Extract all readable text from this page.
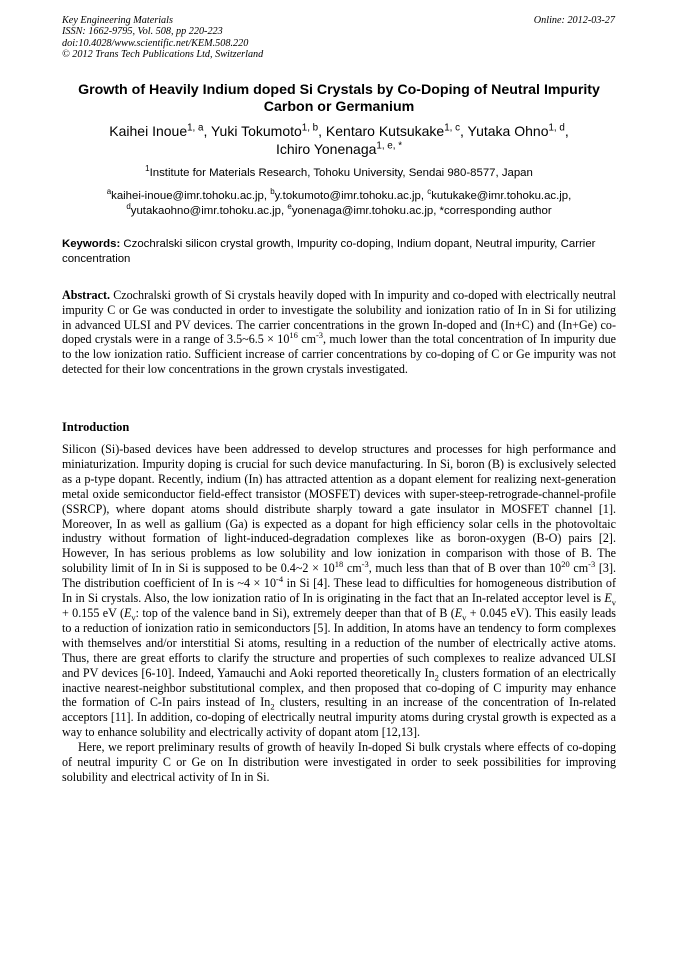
Key Engineering Materials
ISSN: 1662-9795, Vol. 508, pp 220-223
doi:10.4028/www.scientific.net/KEM.508.220
© 2012 Trans Tech Publications Ltd, Switzerland
Online: 2012-03-27
Growth of Heavily Indium doped Si Crystals by Co-Doping of Neutral Impurity Carbon or Germanium
Kaihei Inoue$^{1, a}$, Yuki Tokumoto$^{1, b}$, Kentaro Kutsukake$^{1, c}$, Yutaka Ohno$^{1, d}$,
Ichiro Yonenaga$^{1, e, *}$
$^1$Institute for Materials Research, Tohoku University, Sendai 980-8577, Japan
$^a$kaihei-inoue@imr.tohoku.ac.jp, $^b$y.tokumoto@imr.tohoku.ac.jp, $^c$kutukake@imr.tohoku.ac.jp,
$^d$yutakaohno@imr.tohoku.ac.jp, $^e$yonenaga@imr.tohoku.ac.jp, *corresponding author
Keywords: Czochralski silicon crystal growth, Impurity co-doping, Indium dopant, Neutral impurity, Carrier concentration
Abstract. Czochralski growth of Si crystals heavily doped with In impurity and co-doped with electrically neutral impurity C or Ge was conducted in order to investigate the solubility and ionization ratio of In in Si for utilizing in advanced ULSI and PV devices. The carrier concentrations in the grown In-doped and (In+C) and (In+Ge) co-doped crystals were in a range of 3.5~6.5 × $10^{16}$ $cm^{-3}$, much lower than the total concentration of In impurity due to the low ionization ratio. Sufficient increase of carrier concentrations by co-doping of C or Ge impurity was not detected for their low concentrations in the grown crystals investigated.
Introduction

Silicon (Si)-based devices have been addressed to develop structures and processes for high performance and miniaturization. Impurity doping is crucial for such device manufacturing. In Si, boron (B) is exclusively selected as a p-type dopant. Recently, indium (In) has attracted attention as a dopant element for realizing next-generation metal oxide semiconductor field-effect transistor (MOSFET) devices with super-steep-retrograde-channel-profile (SSRCP), where dopant atoms should distribute sharply toward a gate insulator in MOSFET channel [1]. Moreover, In as well as gallium (Ga) is expected as a dopant for high efficiency solar cells in the photovoltaic industry without formation of light-induced-degradation complexes like as boron-oxygen (B-O) pairs [2]. However, In has serious problems as low solubility and low ionization in comparison with those of B. The solubility limit of In in Si is supposed to be 0.4~2 × $10^{18}$ $cm^{-3}$, much less than that of B over than $10^{20}$ $cm^{-3}$ [3]. The distribution coefficient of In is ~4 × $10^{-4}$ in Si [4]. These lead to difficulties for homogeneous distribution of In in Si crystals. Also, the low ionization ratio of In is originating in the fact that an In-related acceptor level is $E_v + 0.155$ eV ($E_v$: top of the valence band in Si), extremely deeper than that of B ($E_v + 0.045$ eV). This easily leads to a reduction of ionization ratio in semiconductors [5]. In addition, In atoms have an tendency to form complexes with themselves and/or interstitial Si atoms, resulting in a reduction of the number of electrically active atoms. Thus, there are great efforts to clarify the structure and properties of such complexes to realize advanced ULSI and PV devices [6-10]. Indeed, Yamauchi and Aoki reported theoretically $In_2$ clusters formation of an electrically inactive nearest-neighbor substitutional complex, and then proposed that co-doping of C impurity may enhance the formation of C-In pairs instead of $In_2$ clusters, resulting in an increase of the concentration of In-related acceptors [11]. In addition, co-doping of electrically neutral impurity atoms during crystal growth is expected as a way to enhance solubility and electrically activity of dopant atom [12,13].

Here, we report preliminary results of growth of heavily In-doped Si bulk crystals where effects of co-doping of neutral impurity C or Ge on In distribution were investigated in order to seek possibilities for improving solubility and electrical activity of In in Si.
